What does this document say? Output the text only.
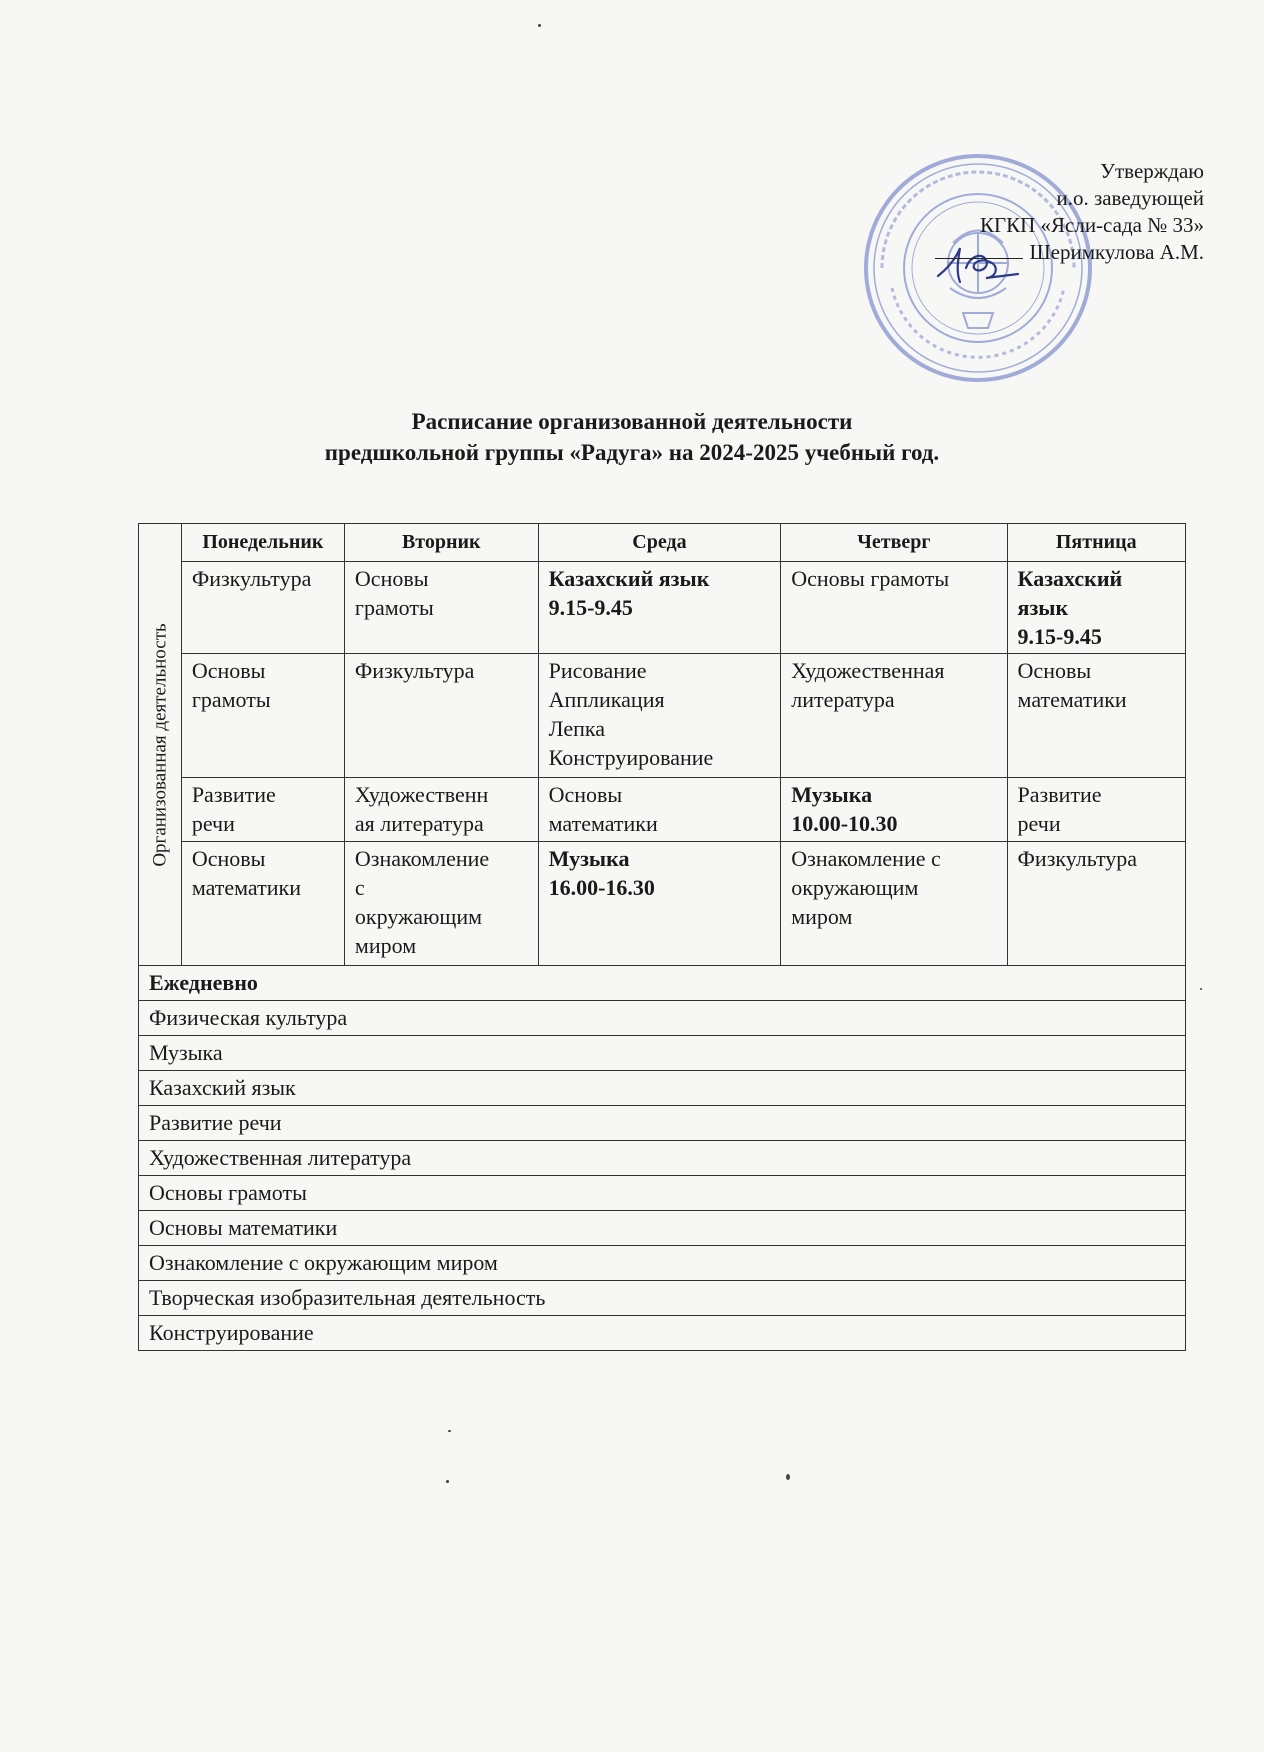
Утверждаю
и.о. заведующей
КГКП «Ясли-сада № 33»
Шеримкулова А.М.
Расписание организованной деятельности
предшкольной группы «Радуга» на 2024-2025 учебный год.
Организованная деятельность	Понедельник	Вторник	Среда	Четверг	Пятница

	Физкультура	Основы
грамоты	Казахский язык
9.15-9.45	Основы грамоты	Казахский
язык
9.15-9.45

	Основы
грамоты	Физкультура	Рисование
Аппликация
Лепка
Конструирование	Художественная
литература	Основы
математики

	Развитие
речи	Художественн
ая литература	Основы
математики	Музыка
10.00-10.30	Развитие
речи

	Основы
математики	Ознакомление
с
окружающим
миром	Музыка
16.00-16.30	Ознакомление с
окружающим
миром	Физкультура

Ежедневно					
Физическая культура					
Музыка					
Казахский язык					
Развитие речи					
Художественная литература					
Основы грамоты					
Основы математики					
Ознакомление с окружающим миром					
Творческая изобразительная деятельность					
Конструирование					
